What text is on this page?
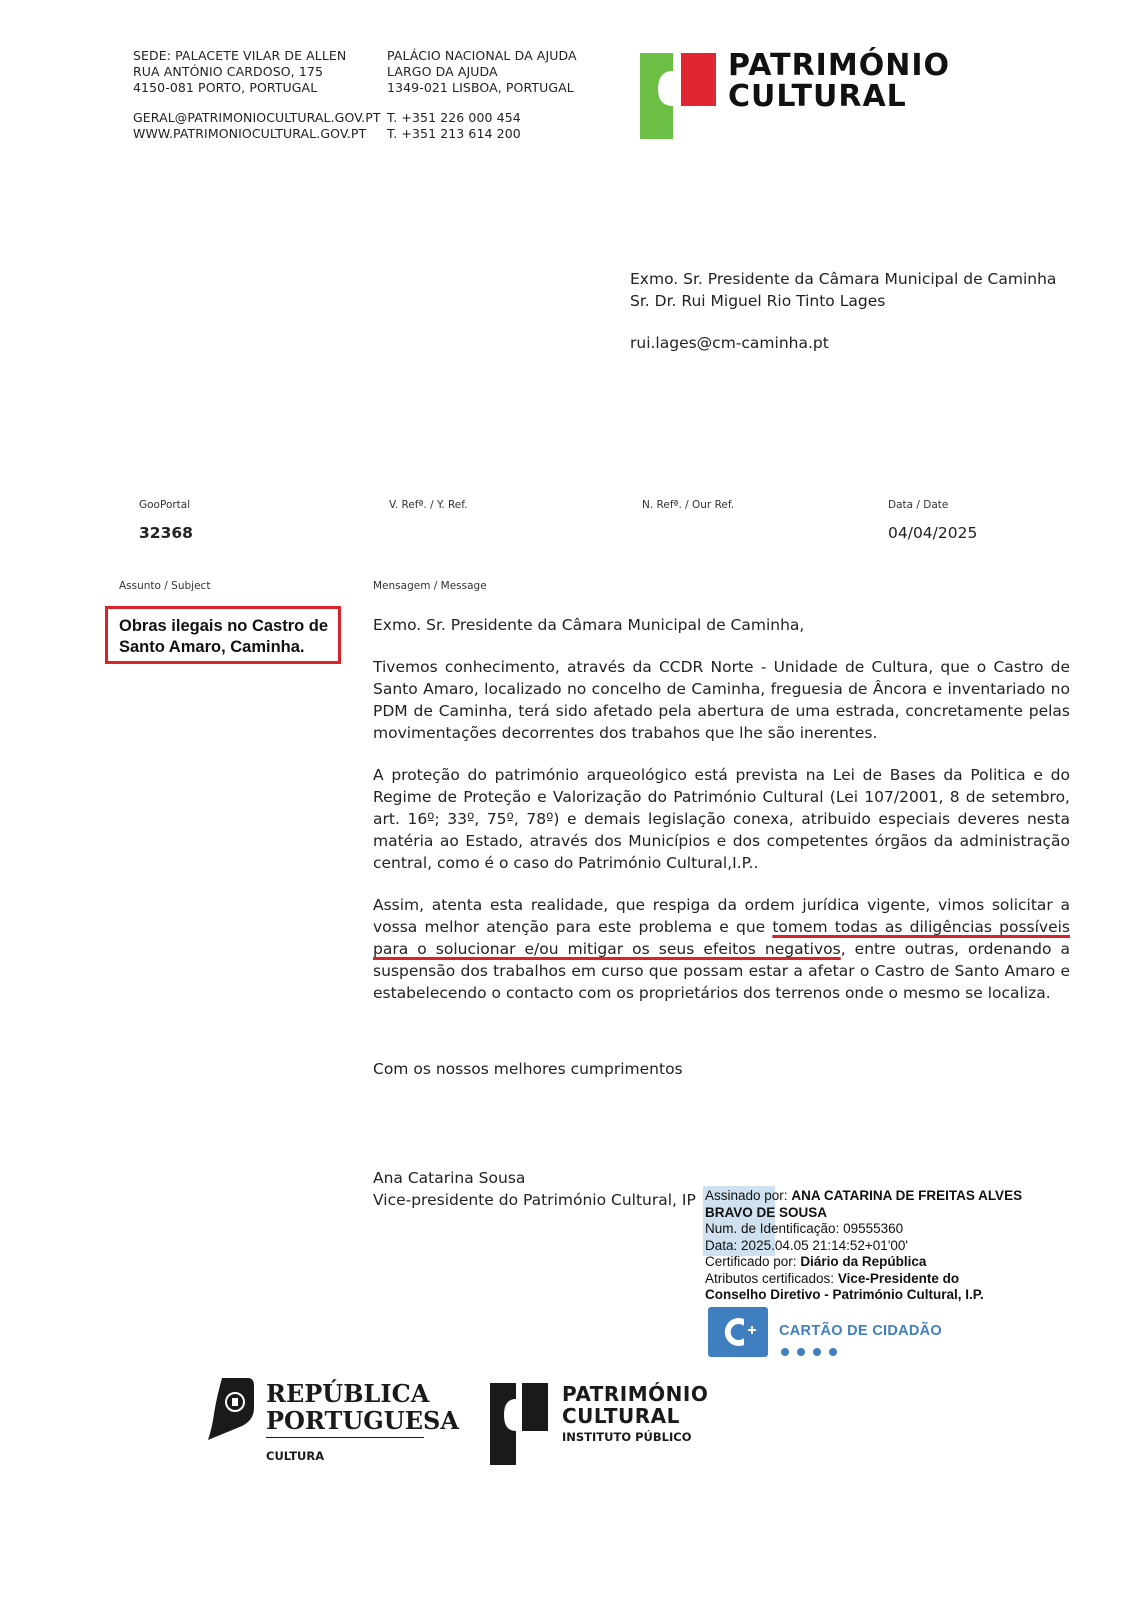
SEDE: PALACETE VILAR DE ALLEN
RUA ANTÓNIO CARDOSO, 175
4150-081 PORTO, PORTUGAL
PALÁCIO NACIONAL DA AJUDA
LARGO DA AJUDA
1349-021 LISBOA, PORTUGAL
GERAL@PATRIMONIOCULTURAL.GOV.PT
WWW.PATRIMONIOCULTURAL.GOV.PT
T. +351 226 000 454
T. +351 213 614 200
PATRIMÓNIO
CULTURAL
Exmo. Sr. Presidente da Câmara Municipal de Caminha
Sr. Dr. Rui Miguel Rio Tinto Lages
rui.lages@cm-caminha.pt
GooPortal
32368
V. Refª. / Y. Ref.	N. Refª. / Our Ref.	Data / Date
04/04/2025
Assunto / Subject
Obras ilegais no Castro de
Santo Amaro, Caminha.
Mensagem / Message

Exmo. Sr. Presidente da Câmara Municipal de Caminha,

Tivemos conhecimento, através da CCDR Norte - Unidade de Cultura, que o Castro de Santo Amaro, localizado no concelho de Caminha, freguesia de Âncora e inventariado no PDM de Caminha, terá sido afetado pela abertura de uma estrada, concretamente pelas movimentações decorrentes dos trabahos que lhe são inerentes.

A proteção do património arqueológico está prevista na Lei de Bases da Politica e do Regime de Proteção e Valorização do Património Cultural (Lei 107/2001, 8 de setembro, art. 16º; 33º, 75º, 78º) e demais legislação conexa, atribuido especiais deveres nesta matéria ao Estado, através dos Municípios e dos competentes órgãos da administração central, como é o caso do Património Cultural,I.P..

Assim, atenta esta realidade, que respiga da ordem jurídica vigente, vimos solicitar a vossa melhor atenção para este problema e que tomem todas as diligências possíveis para o solucionar e/ou mitigar os seus efeitos negativos, entre outras, ordenando a suspensão dos trabalhos em curso que possam estar a afetar o Castro de Santo Amaro e estabelecendo o contacto com os proprietários dos terrenos onde o mesmo se localiza.

Com os nossos melhores cumprimentos
Ana Catarina Sousa
Vice-presidente do Património Cultural, IP Assinado por: ANA CATARINA DE FREITAS ALVES
BRAVO DE SOUSA
Num. de Identificação: 09555360
Data: 2025.04.05 21:14:52+01'00'
Certificado por: Diário da República
Atributos certificados: Vice-Presidente do
Conselho Diretivo - Património Cultural, I.P.
CARTÃO DE CIDADÃO
REPÚBLICA
PORTUGUESA
CULTURA
PATRIMÓNIO
CULTURAL
INSTITUTO PÚBLICO
